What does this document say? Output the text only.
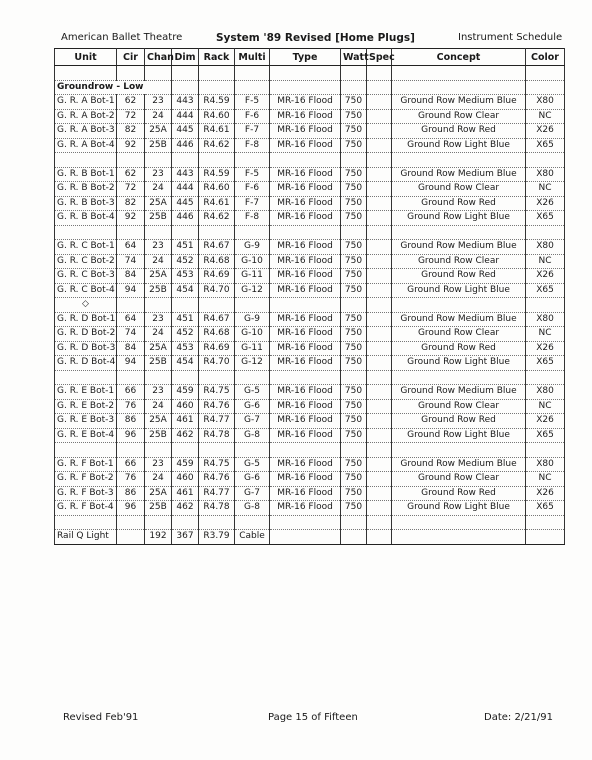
American Ballet Theatre	System '89 Revised [Home Plugs]	Instrument Schedule
Unit	Cir	Chan	Dim	Rack	Multi	Type	Watt	Spec	Concept	Color

Groundrow - Low										
G. R. A Bot-1	62	23	443	R4.59	F-5	MR-16 Flood	750		Ground Row Medium Blue	X80
G. R. A Bot-2	72	24	444	R4.60	F-6	MR-16 Flood	750		Ground Row Clear	NC
G. R. A Bot-3	82	25A	445	R4.61	F-7	MR-16 Flood	750		Ground Row Red	X26
G. R. A Bot-4	92	25B	446	R4.62	F-8	MR-16 Flood	750		Ground Row Light Blue	X65

G. R. B Bot-1	62	23	443	R4.59	F-5	MR-16 Flood	750		Ground Row Medium Blue	X80
G. R. B Bot-2	72	24	444	R4.60	F-6	MR-16 Flood	750		Ground Row Clear	NC
G. R. B Bot-3	82	25A	445	R4.61	F-7	MR-16 Flood	750		Ground Row Red	X26
G. R. B Bot-4	92	25B	446	R4.62	F-8	MR-16 Flood	750		Ground Row Light Blue	X65

G. R. C Bot-1	64	23	451	R4.67	G-9	MR-16 Flood	750		Ground Row Medium Blue	X80
G. R. C Bot-2	74	24	452	R4.68	G-10	MR-16 Flood	750		Ground Row Clear	NC
G. R. C Bot-3	84	25A	453	R4.69	G-11	MR-16 Flood	750		Ground Row Red	X26
G. R. C Bot-4	94	25B	454	R4.70	G-12	MR-16 Flood	750		Ground Row Light Blue	X65
◇										
G. R. D Bot-1	64	23	451	R4.67	G-9	MR-16 Flood	750		Ground Row Medium Blue	X80
G. R. D Bot-2	74	24	452	R4.68	G-10	MR-16 Flood	750		Ground Row Clear	NC
G. R. D Bot-3	84	25A	453	R4.69	G-11	MR-16 Flood	750		Ground Row Red	X26
G. R. D Bot-4	94	25B	454	R4.70	G-12	MR-16 Flood	750		Ground Row Light Blue	X65

G. R. E Bot-1	66	23	459	R4.75	G-5	MR-16 Flood	750		Ground Row Medium Blue	X80
G. R. E Bot-2	76	24	460	R4.76	G-6	MR-16 Flood	750		Ground Row Clear	NC
G. R. E Bot-3	86	25A	461	R4.77	G-7	MR-16 Flood	750		Ground Row Red	X26
G. R. E Bot-4	96	25B	462	R4.78	G-8	MR-16 Flood	750		Ground Row Light Blue	X65

G. R. F Bot-1	66	23	459	R4.75	G-5	MR-16 Flood	750		Ground Row Medium Blue	X80
G. R. F Bot-2	76	24	460	R4.76	G-6	MR-16 Flood	750		Ground Row Clear	NC
G. R. F Bot-3	86	25A	461	R4.77	G-7	MR-16 Flood	750		Ground Row Red	X26
G. R. F Bot-4	96	25B	462	R4.78	G-8	MR-16 Flood	750		Ground Row Light Blue	X65

Rail Q Light		192	367	R3.79	Cable					
Revised Feb'91	Page 15 of Fifteen	Date: 2/21/91
